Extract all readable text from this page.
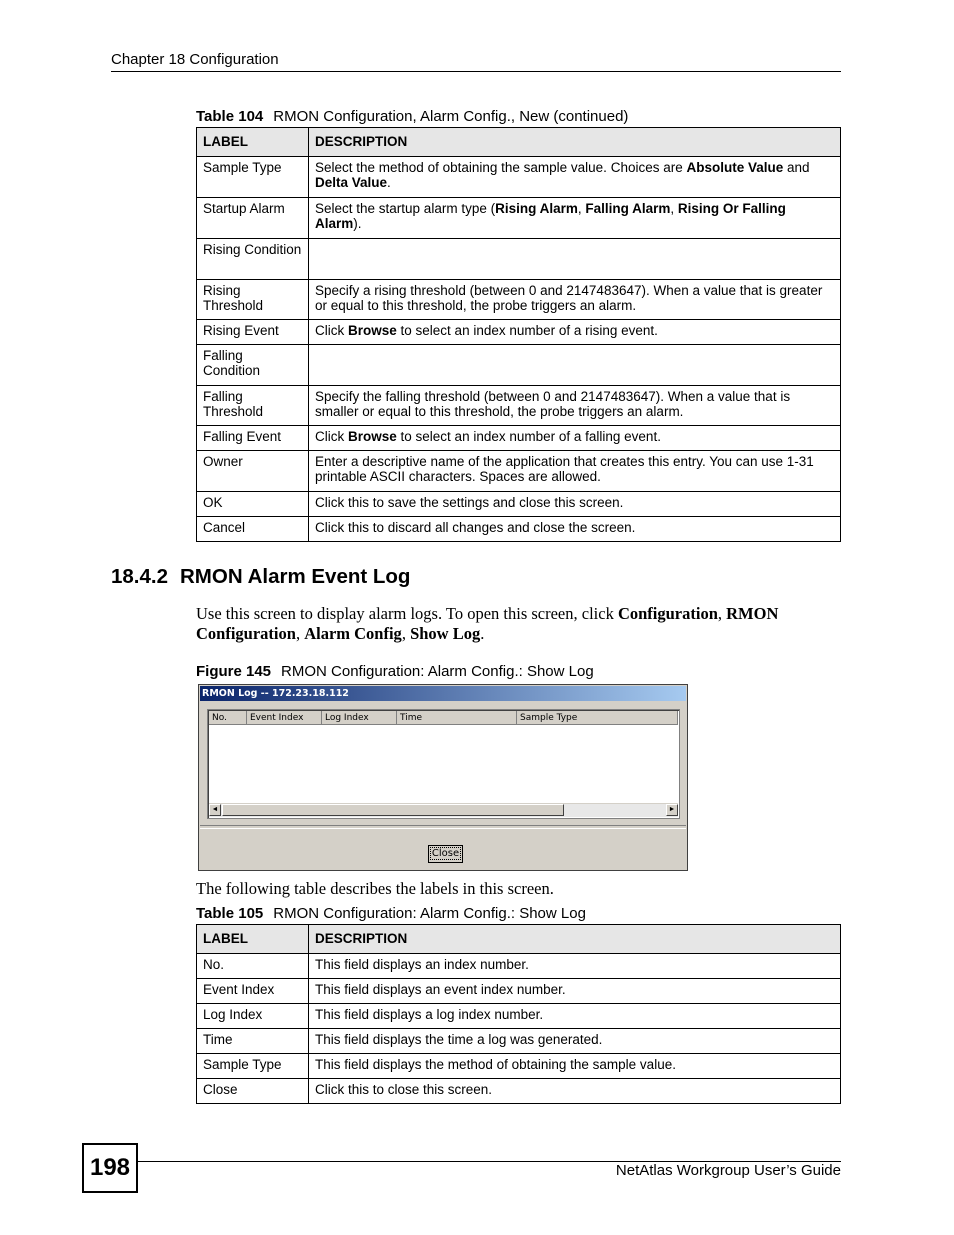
Chapter 18 Configuration
Table 104 RMON Configuration, Alarm Config., New (continued)
LABEL	DESCRIPTION
Sample Type	Select the method of obtaining the sample value. Choices are Absolute Value and Delta Value.
Startup Alarm	Select the startup alarm type (Rising Alarm, Falling Alarm, Rising Or Falling Alarm).
Rising Condition	
Rising Threshold	Specify a rising threshold (between 0 and 2147483647). When a value that is greater or equal to this threshold, the probe triggers an alarm.
Rising Event	Click Browse to select an index number of a rising event.
Falling Condition	
Falling Threshold	Specify the falling threshold (between 0 and 2147483647). When a value that is smaller or equal to this threshold, the probe triggers an alarm.
Falling Event	Click Browse to select an index number of a falling event.
Owner	Enter a descriptive name of the application that creates this entry. You can use 1-31 printable ASCII characters. Spaces are allowed.
OK	Click this to save the settings and close this screen.
Cancel	Click this to discard all changes and close the screen.
18.4.2 RMON Alarm Event Log
Use this screen to display alarm logs. To open this screen, click Configuration, RMON Configuration, Alarm Config, Show Log.
Figure 145 RMON Configuration: Alarm Config.: Show Log
RMON Log -- 172.23.18.112
No.	Event Index	Log Index	Time	Sample Type
◄	►
Close
The following table describes the labels in this screen.
Table 105 RMON Configuration: Alarm Config.: Show Log
LABEL	DESCRIPTION
No.	This field displays an index number.
Event Index	This field displays an event index number.
Log Index	This field displays a log index number.
Time	This field displays the time a log was generated.
Sample Type	This field displays the method of obtaining the sample value.
Close	Click this to close this screen.
198	NetAtlas Workgroup User’s Guide
